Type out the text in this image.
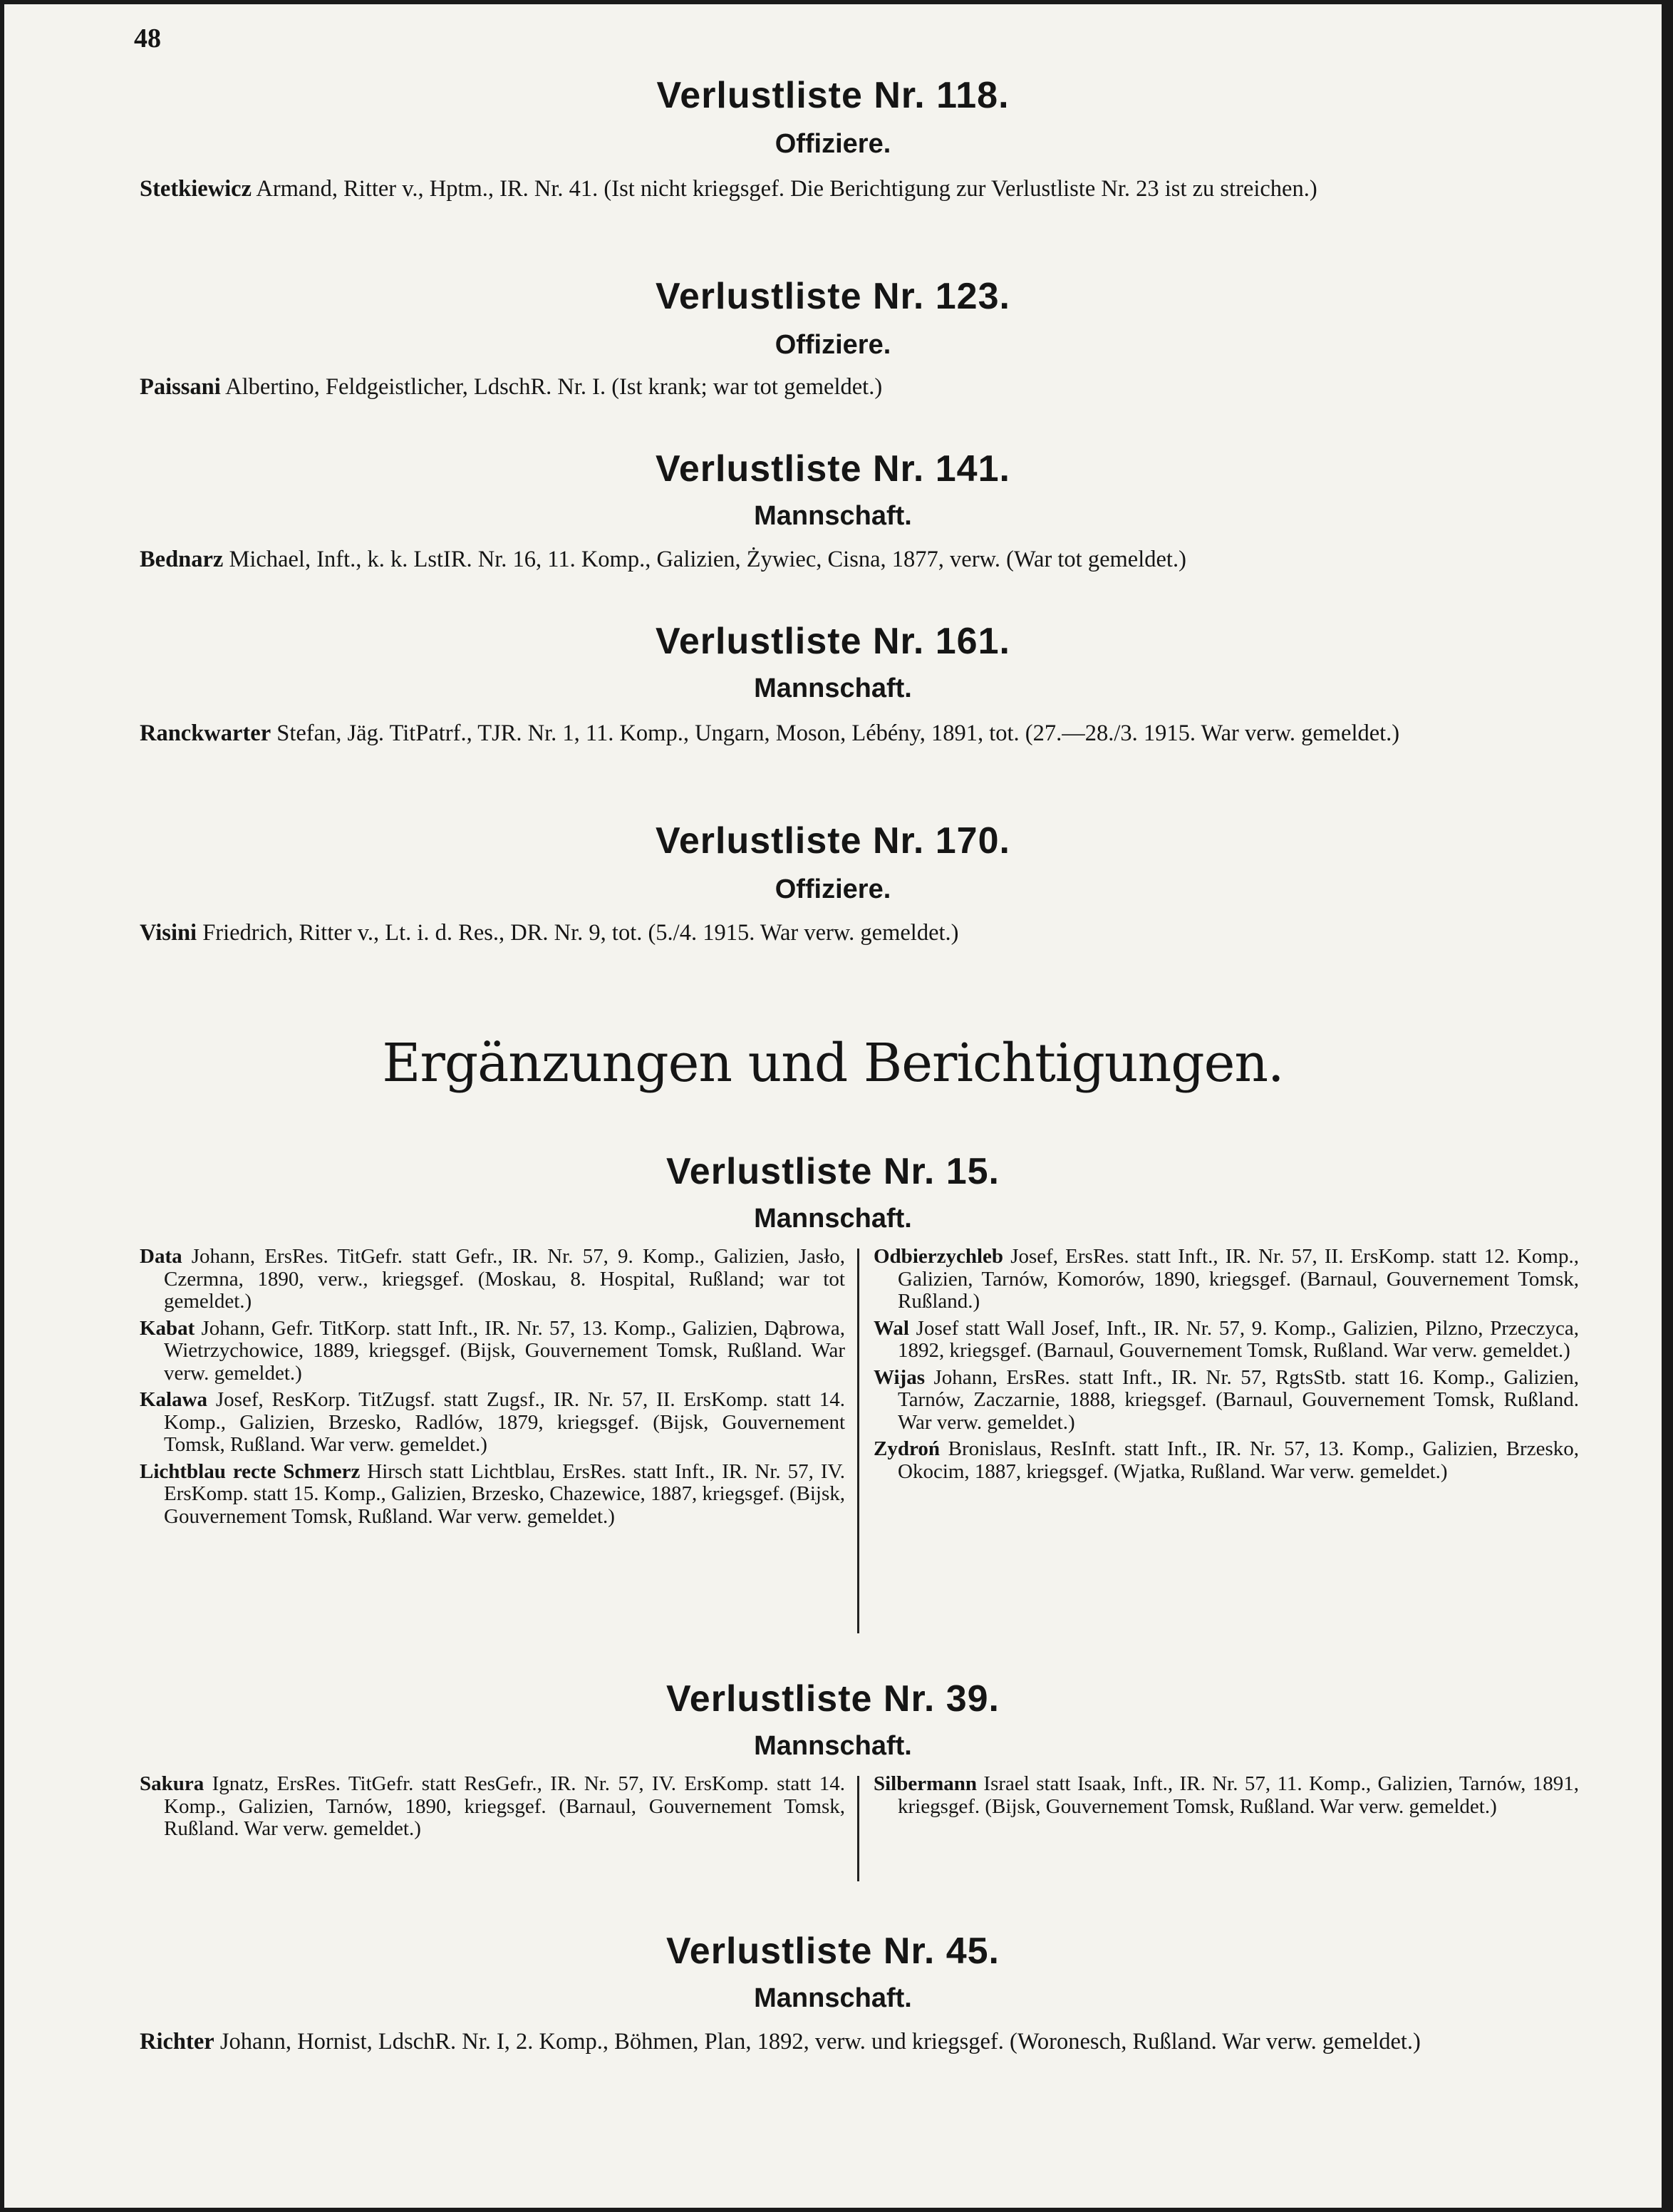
48
Verlustliste Nr. 118.
Offiziere.
Stetkiewicz Armand, Ritter v., Hptm., IR. Nr. 41. (Ist nicht kriegsgef. Die Berichtigung zur Verlustliste Nr. 23 ist zu streichen.)
Verlustliste Nr. 123.
Offiziere.
Paissani Albertino, Feldgeistlicher, LdschR. Nr. I. (Ist krank; war tot gemeldet.)
Verlustliste Nr. 141.
Mannschaft.
Bednarz Michael, Inft., k. k. LstIR. Nr. 16, 11. Komp., Galizien, Żywiec, Cisna, 1877, verw. (War tot gemeldet.)
Verlustliste Nr. 161.
Mannschaft.
Ranckwarter Stefan, Jäg. TitPatrf., TJR. Nr. 1, 11. Komp., Ungarn, Moson, Lébény, 1891, tot. (27.—28./3. 1915. War verw. gemeldet.)
Verlustliste Nr. 170.
Offiziere.
Visini Friedrich, Ritter v., Lt. i. d. Res., DR. Nr. 9, tot. (5./4. 1915. War verw. gemeldet.)
Ergänzungen und Berichtigungen.
Verlustliste Nr. 15.
Mannschaft.
Data Johann, ErsRes. TitGefr. statt Gefr., IR. Nr. 57, 9. Komp., Galizien, Jasło, Czermna, 1890, verw., kriegsgef. (Moskau, 8. Hospital, Rußland; war tot gemeldet.)
Kabat Johann, Gefr. TitKorp. statt Inft., IR. Nr. 57, 13. Komp., Galizien, Dąbrowa, Wietrzychowice, 1889, kriegsgef. (Bijsk, Gouvernement Tomsk, Rußland. War verw. gemeldet.)
Kalawa Josef, ResKorp. TitZugsf. statt Zugsf., IR. Nr. 57, II. ErsKomp. statt 14. Komp., Galizien, Brzesko, Radlów, 1879, kriegsgef. (Bijsk, Gouvernement Tomsk, Rußland. War verw. gemeldet.)
Lichtblau recte Schmerz Hirsch statt Lichtblau, ErsRes. statt Inft., IR. Nr. 57, IV. ErsKomp. statt 15. Komp., Galizien, Brzesko, Chazewice, 1887, kriegsgef. (Bijsk, Gouvernement Tomsk, Rußland. War verw. gemeldet.)
Odbierzychleb Josef, ErsRes. statt Inft., IR. Nr. 57, II. ErsKomp. statt 12. Komp., Galizien, Tarnów, Komorów, 1890, kriegsgef. (Barnaul, Gouvernement Tomsk, Rußland.)
Wal Josef statt Wall Josef, Inft., IR. Nr. 57, 9. Komp., Galizien, Pilzno, Przeczyca, 1892, kriegsgef. (Barnaul, Gouvernement Tomsk, Rußland. War verw. gemeldet.)
Wijas Johann, ErsRes. statt Inft., IR. Nr. 57, RgtsStb. statt 16. Komp., Galizien, Tarnów, Zaczarnie, 1888, kriegsgef. (Barnaul, Gouvernement Tomsk, Rußland. War verw. gemeldet.)
Zydroń Bronislaus, ResInft. statt Inft., IR. Nr. 57, 13. Komp., Galizien, Brzesko, Okocim, 1887, kriegsgef. (Wjatka, Rußland. War verw. gemeldet.)
Verlustliste Nr. 39.
Mannschaft.
Sakura Ignatz, ErsRes. TitGefr. statt ResGefr., IR. Nr. 57, IV. ErsKomp. statt 14. Komp., Galizien, Tarnów, 1890, kriegsgef. (Barnaul, Gouvernement Tomsk, Rußland. War verw. gemeldet.)
Silbermann Israel statt Isaak, Inft., IR. Nr. 57, 11. Komp., Galizien, Tarnów, 1891, kriegsgef. (Bijsk, Gouvernement Tomsk, Rußland. War verw. gemeldet.)
Verlustliste Nr. 45.
Mannschaft.
Richter Johann, Hornist, LdschR. Nr. I, 2. Komp., Böhmen, Plan, 1892, verw. und kriegsgef. (Woronesch, Rußland. War verw. gemeldet.)
